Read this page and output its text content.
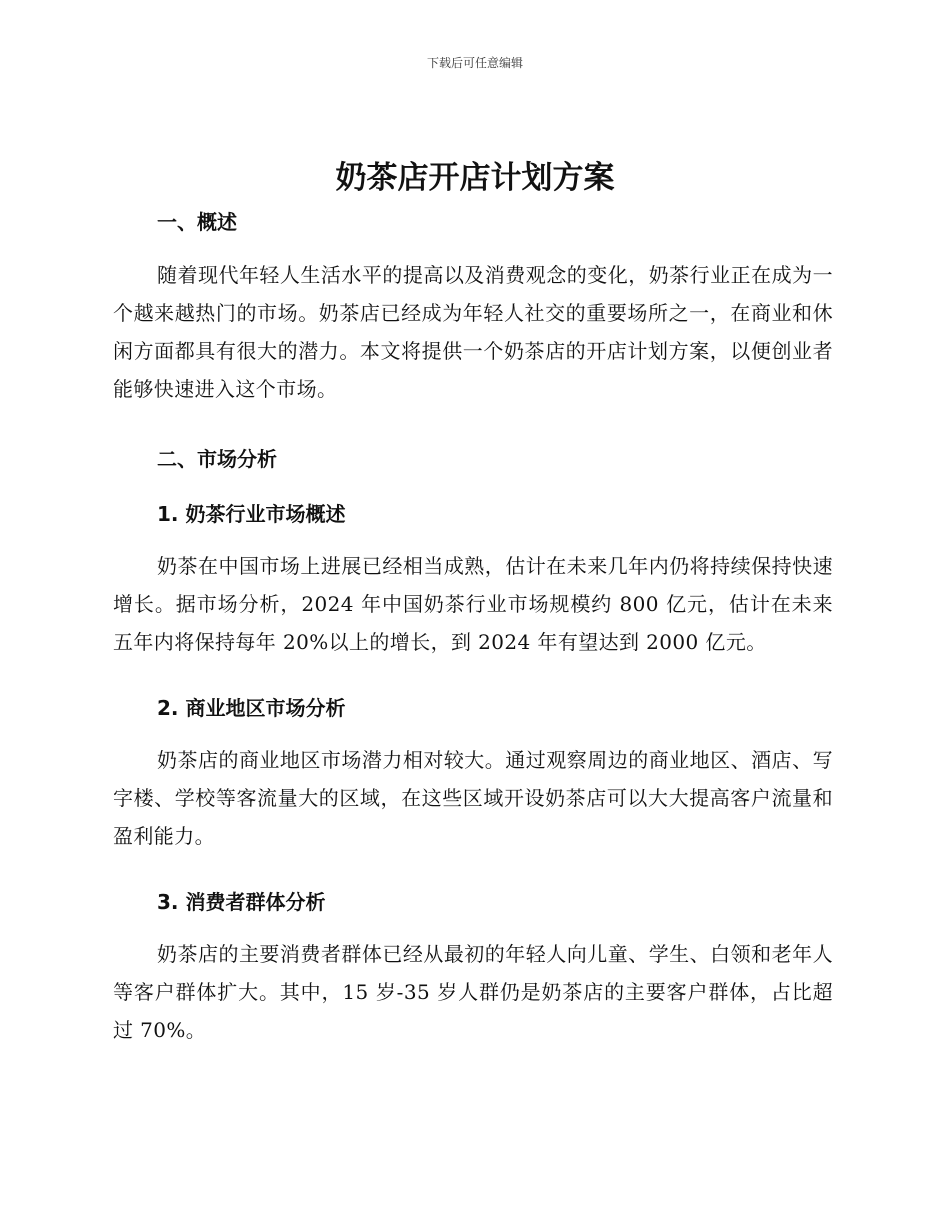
下载后可任意编辑
奶茶店开店计划方案
一、概述

随着现代年轻人生活水平的提高以及消费观念的变化，奶茶行业正在成为一个越来越热门的市场。奶茶店已经成为年轻人社交的重要场所之一，在商业和休闲方面都具有很大的潜力。本文将提供一个奶茶店的开店计划方案，以便创业者能够快速进入这个市场。

二、市场分析
1. 奶茶行业市场概述

奶茶在中国市场上进展已经相当成熟，估计在未来几年内仍将持续保持快速增长。据市场分析，2024 年中国奶茶行业市场规模约 800 亿元，估计在未来五年内将保持每年 20%以上的增长，到 2024 年有望达到 2000 亿元。

2. 商业地区市场分析

奶茶店的商业地区市场潜力相对较大。通过观察周边的商业地区、酒店、写字楼、学校等客流量大的区域，在这些区域开设奶茶店可以大大提高客户流量和盈利能力。

3. 消费者群体分析

奶茶店的主要消费者群体已经从最初的年轻人向儿童、学生、白领和老年人等客户群体扩大。其中，15 岁-35 岁人群仍是奶茶店的主要客户群体，占比超过 70%。
